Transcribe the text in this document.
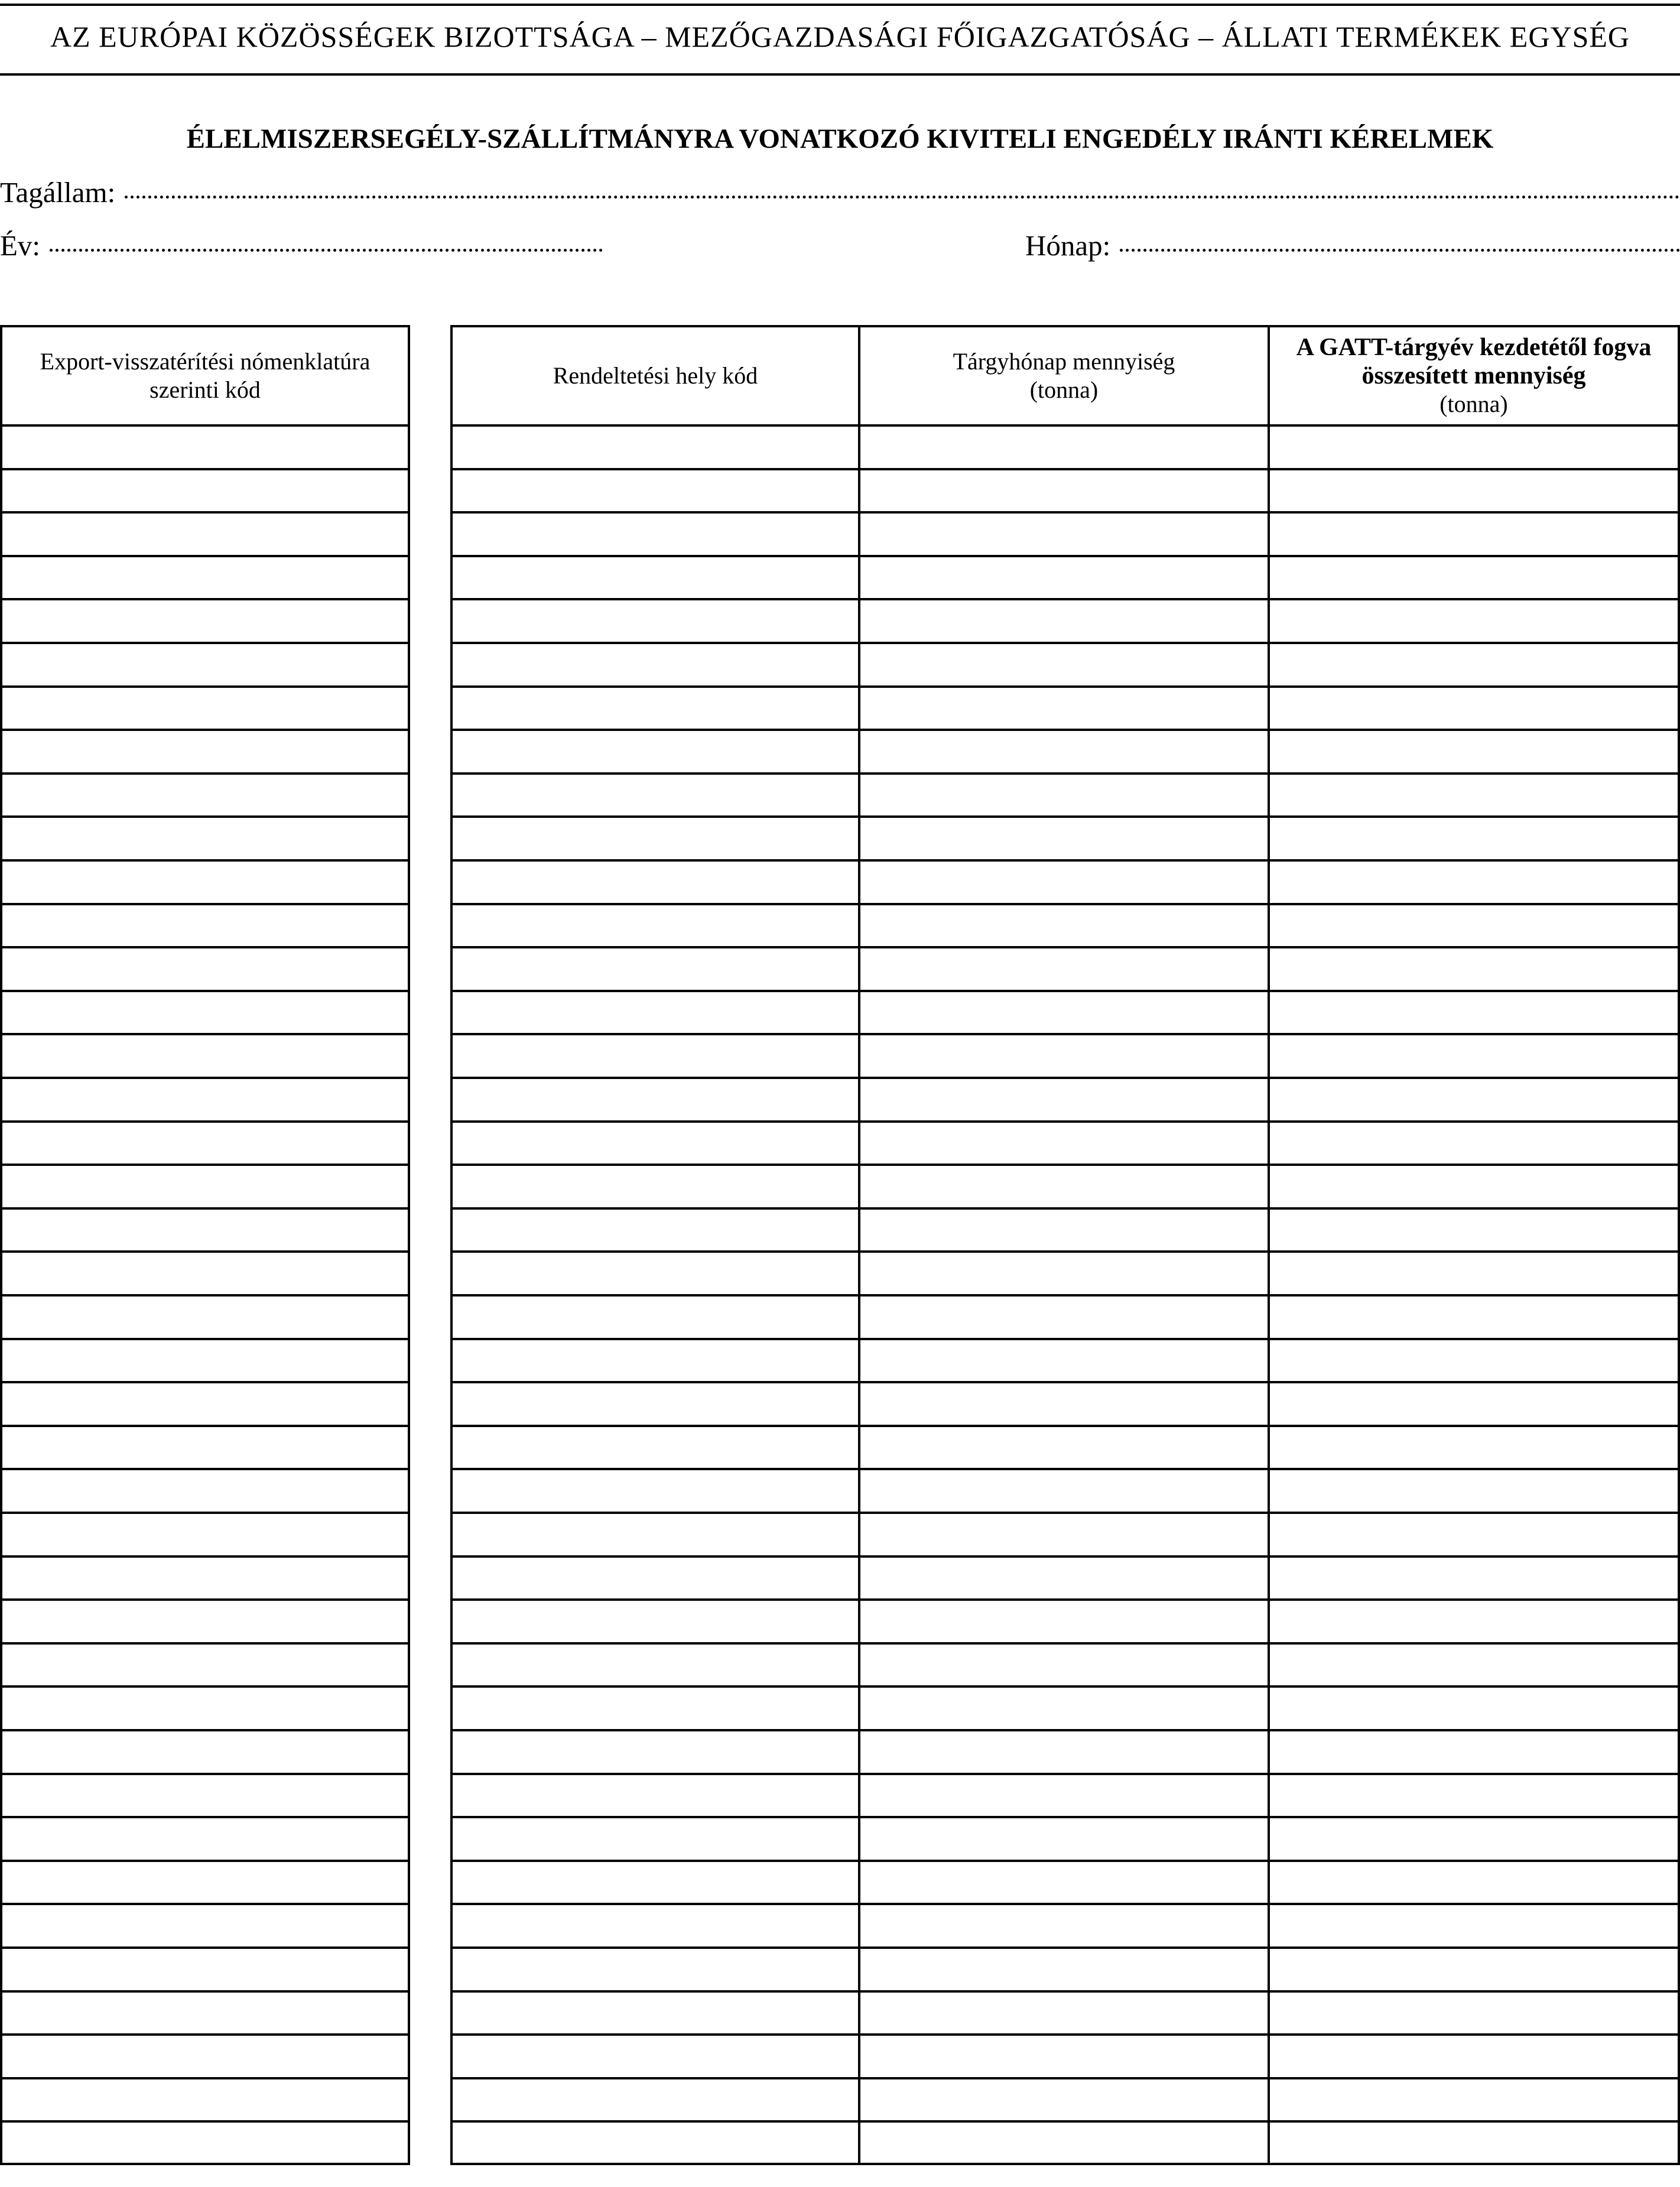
AZ EURÓPAI KÖZÖSSÉGEK BIZOTTSÁGA – MEZŐGAZDASÁGI FŐIGAZGATÓSÁG – ÁLLATI TERMÉKEK EGYSÉG
ÉLELMISZERSEGÉLY-SZÁLLÍTMÁNYRA VONATKOZÓ KIVITELI ENGEDÉLY IRÁNTI KÉRELMEK
Tagállam:
Év:	Hónap:
Export-visszatérítési nómenklatúra
szerinti kód
Rendeltetési hely kód
Tárgyhónap mennyiség
(tonna)
A GATT-tárgyév kezdetétől fogva
összesített mennyiség
(tonna)
